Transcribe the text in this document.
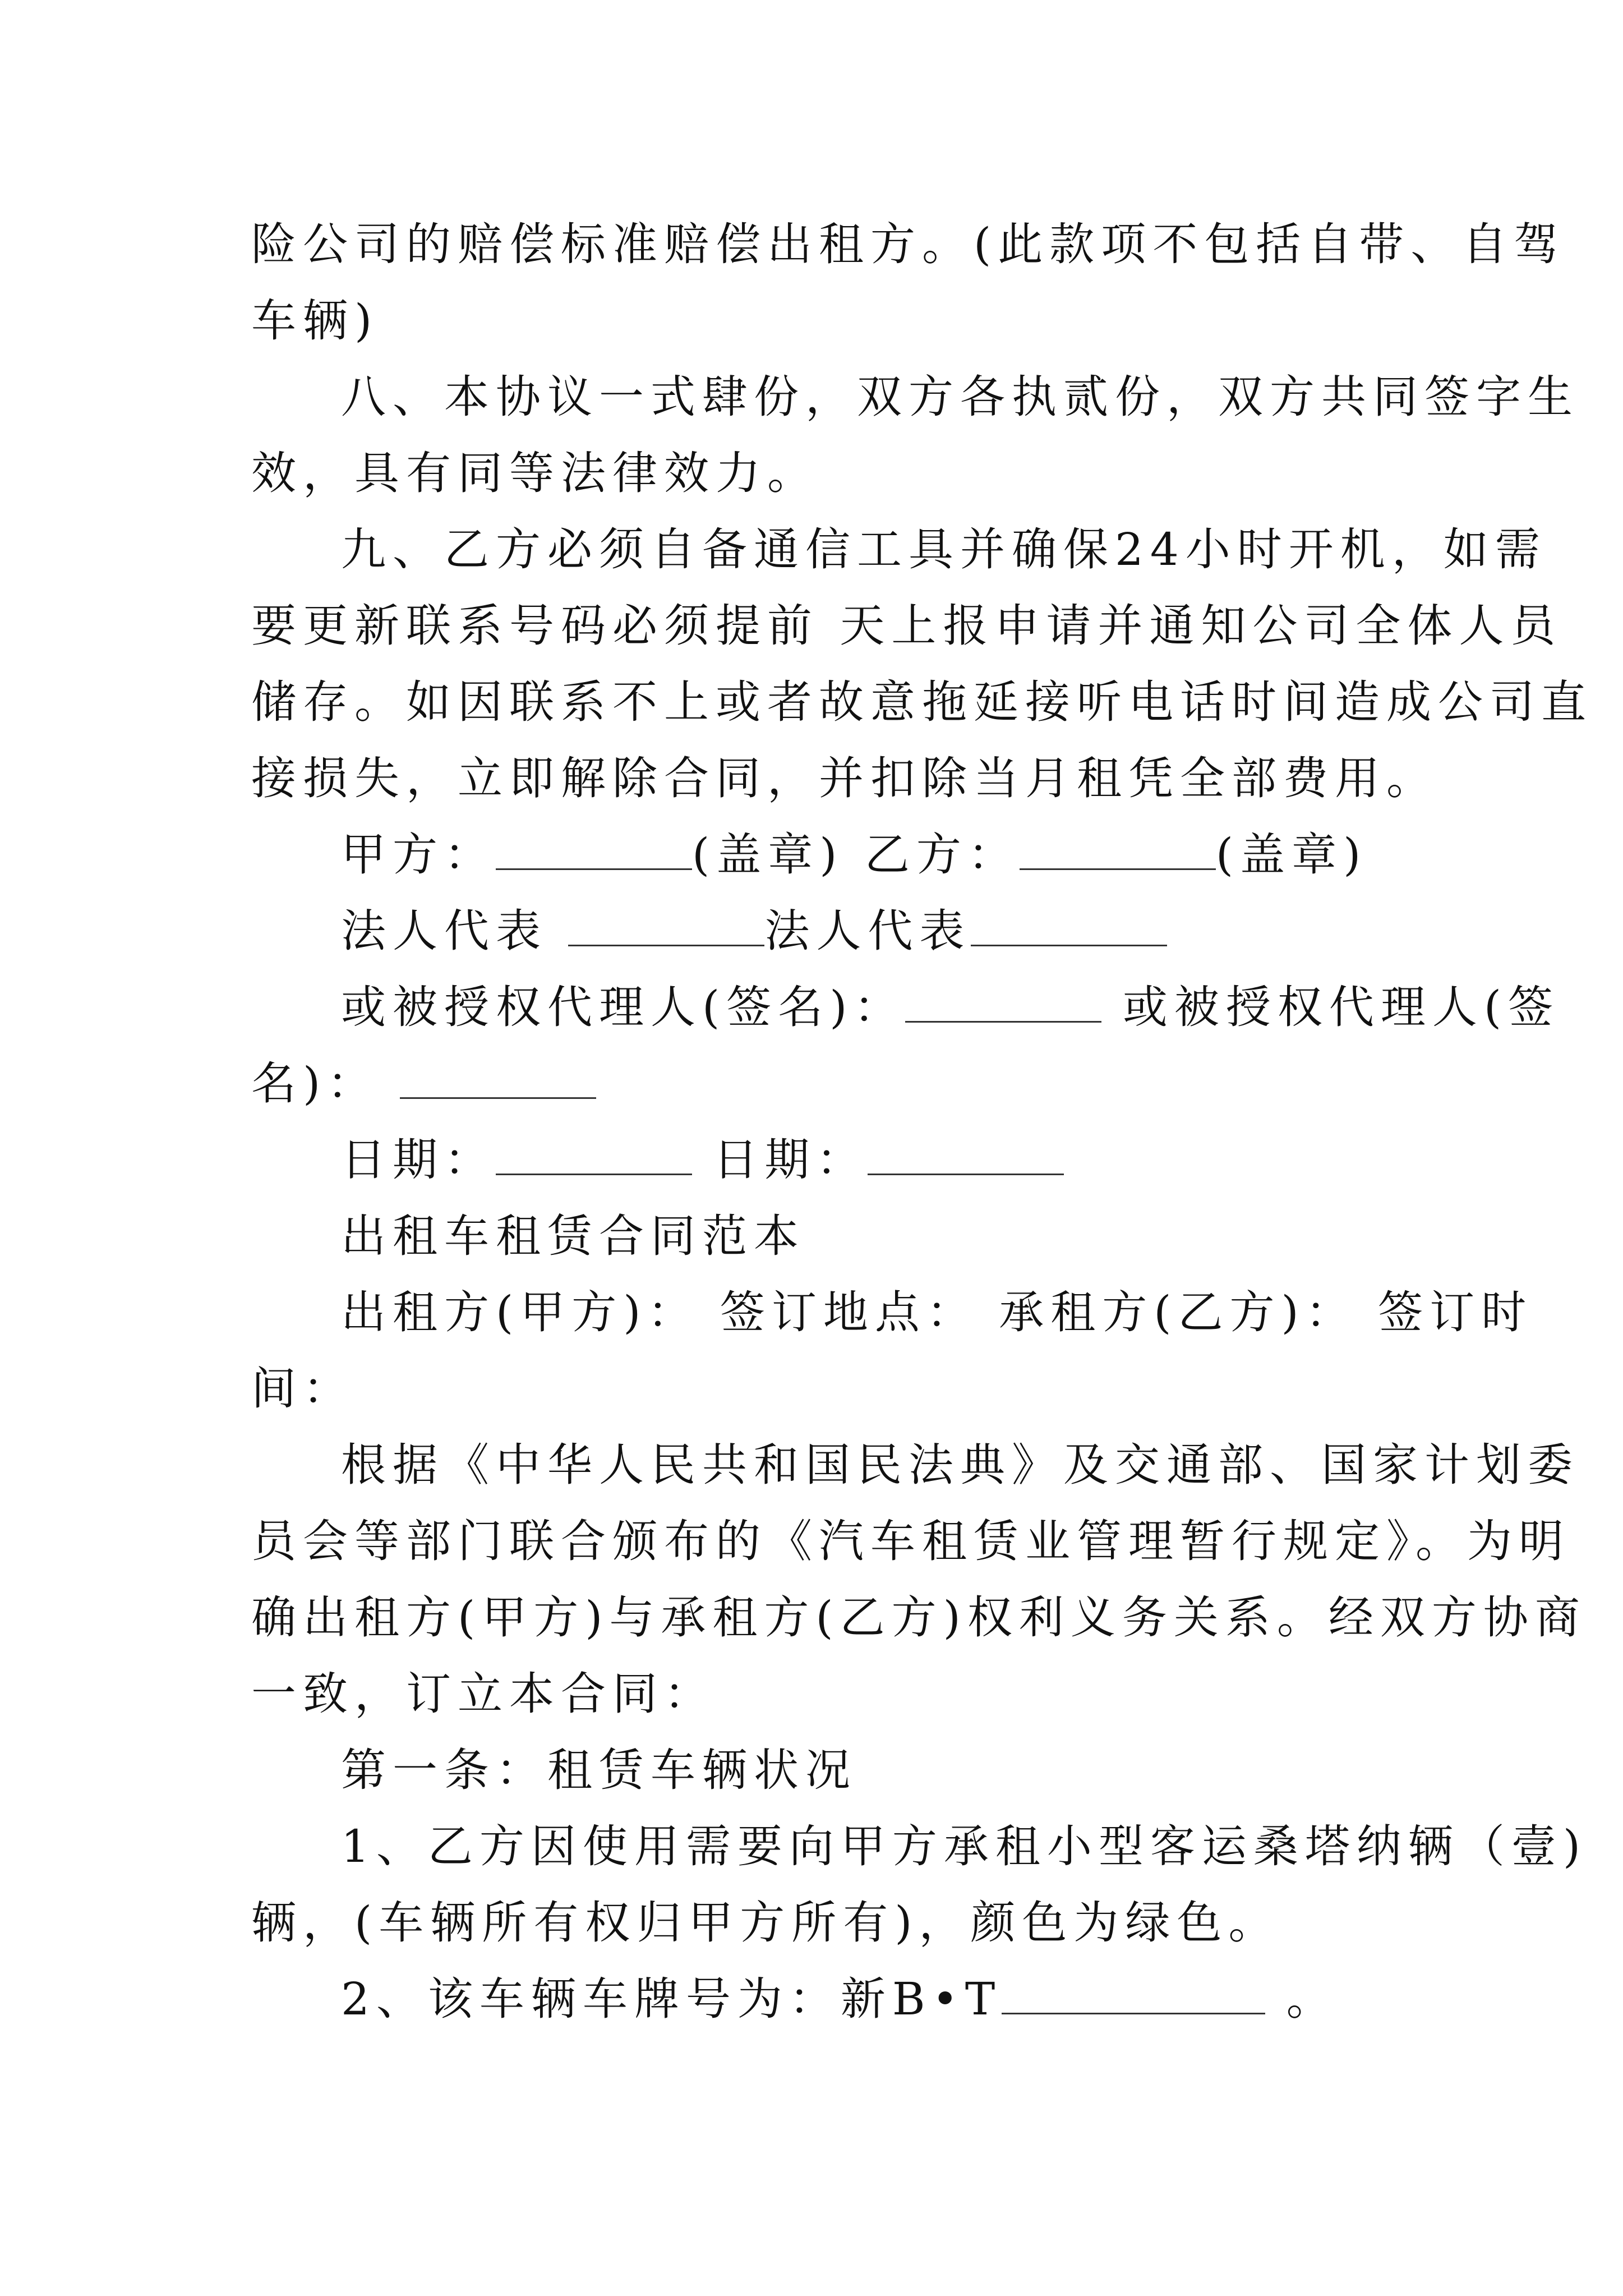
险公司的赔偿标准赔偿出租方。(此款项不包括自带、自驾
车辆)
八、本协议一式肆份，双方各执贰份，双方共同签字生
效，具有同等法律效力。
九、乙方必须自备通信工具并确保24小时开机，如需
要更新联系号码必须提前 天上报申请并通知公司全体人员
储存。如因联系不上或者故意拖延接听电话时间造成公司直
接损失，立即解除合同，并扣除当月租凭全部费用。
甲方：	(盖章) 乙方：	(盖章)
法人代表	法人代表
或被授权代理人(签名)：	或被授权代理人(签
名)：
日期：	日期：
出租车租赁合同范本
出租方(甲方)： 签订地点： 承租方(乙方)： 签订时
间：
根据《中华人民共和国民法典》及交通部、国家计划委
员会等部门联合颁布的《汽车租赁业管理暂行规定》。为明
确出租方(甲方)与承租方(乙方)权利义务关系。经双方协商
一致，订立本合同：
第一条：租赁车辆状况
1、乙方因使用需要向甲方承租小型客运桑塔纳辆（壹)
辆，(车辆所有权归甲方所有)，颜色为绿色。
2、该车辆车牌号为：新B•T	。
